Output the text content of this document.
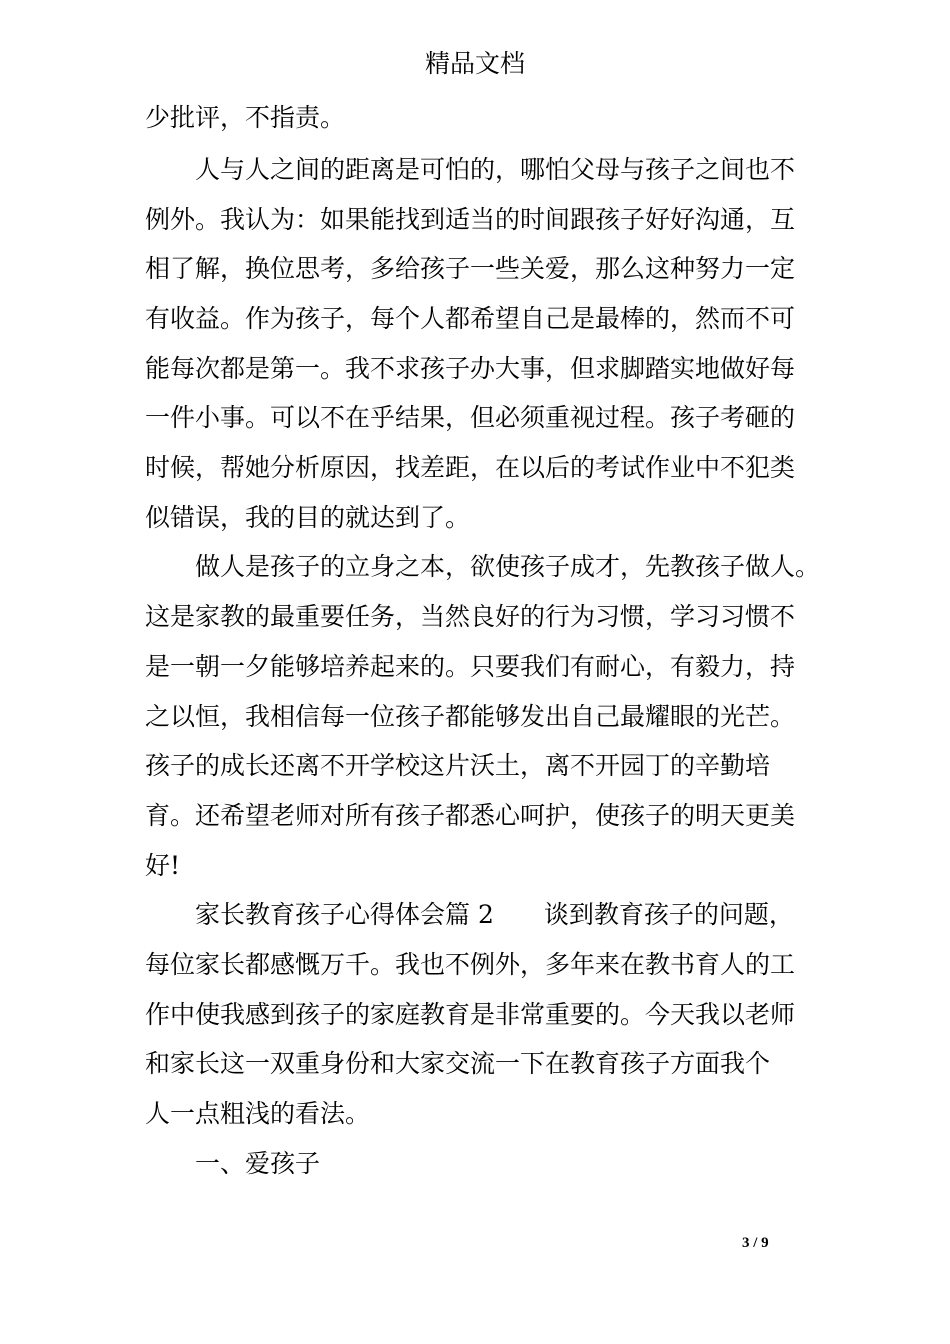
精品文档
少批评，不指责。
人与人之间的距离是可怕的，哪怕父母与孩子之间也不
例外。我认为：如果能找到适当的时间跟孩子好好沟通，互
相了解，换位思考，多给孩子一些关爱，那么这种努力一定
有收益。作为孩子，每个人都希望自己是最棒的，然而不可
能每次都是第一。我不求孩子办大事，但求脚踏实地做好每
一件小事。可以不在乎结果，但必须重视过程。孩子考砸的
时候，帮她分析原因，找差距，在以后的考试作业中不犯类
似错误，我的目的就达到了。
做人是孩子的立身之本，欲使孩子成才，先教孩子做人。
这是家教的最重要任务，当然良好的行为习惯，学习习惯不
是一朝一夕能够培养起来的。只要我们有耐心，有毅力，持
之以恒，我相信每一位孩子都能够发出自己最耀眼的光芒。
孩子的成长还离不开学校这片沃土，离不开园丁的辛勤培
育。还希望老师对所有孩子都悉心呵护，使孩子的明天更美
好!
家长教育孩子心得体会篇 2　　谈到教育孩子的问题，
每位家长都感慨万千。我也不例外，多年来在教书育人的工
作中使我感到孩子的家庭教育是非常重要的。今天我以老师
和家长这一双重身份和大家交流一下在教育孩子方面我个
人一点粗浅的看法。
一、爱孩子
3 / 9
